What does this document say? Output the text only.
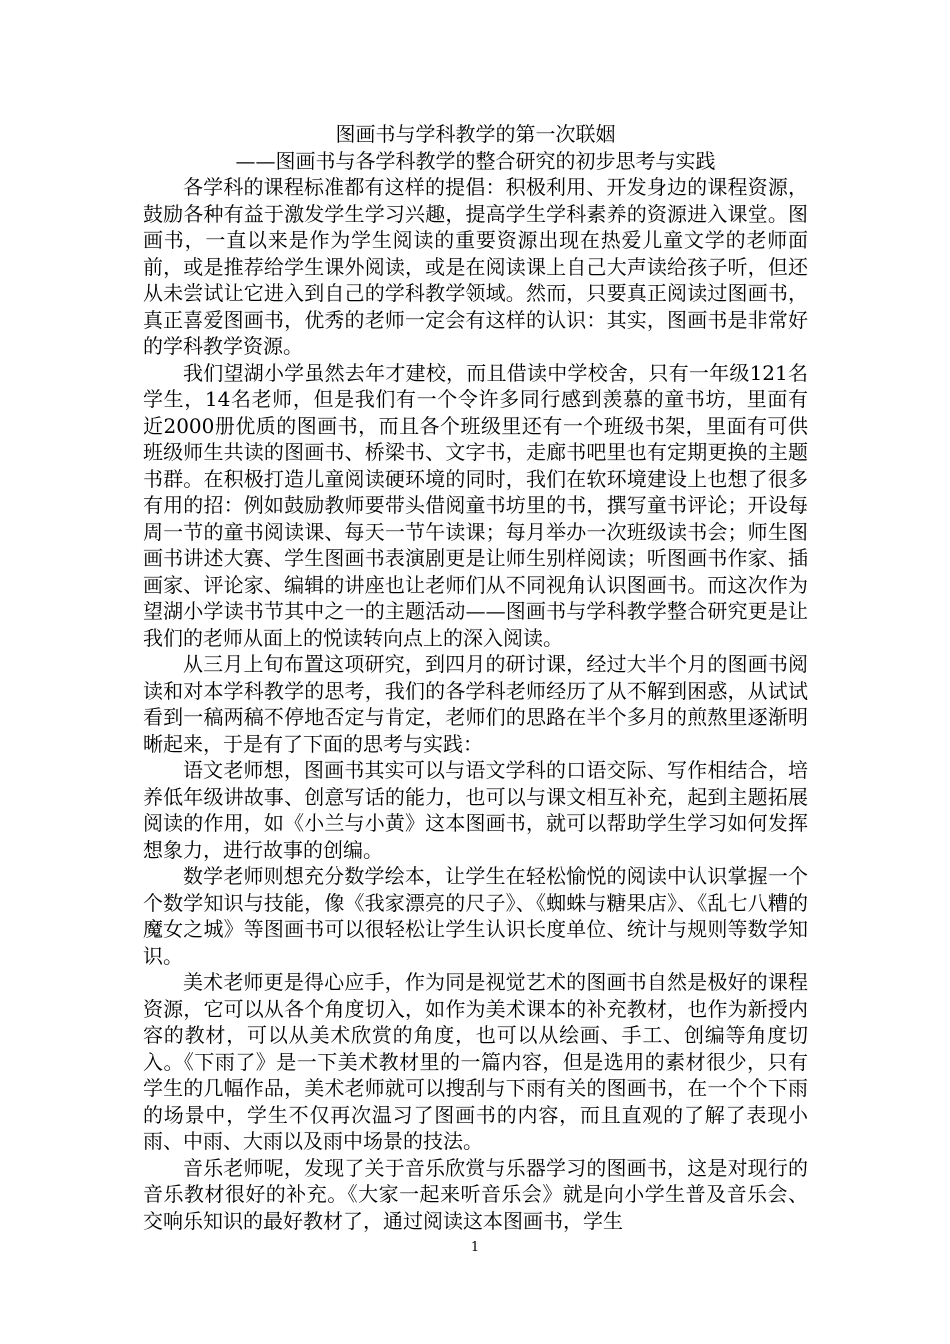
图画书与学科教学的第一次联姻
——图画书与各学科教学的整合研究的初步思考与实践

各学科的课程标准都有这样的提倡：积极利用、开发身边的课程资源，鼓励各种有益于激发学生学习兴趣，提高学生学科素养的资源进入课堂。图画书，一直以来是作为学生阅读的重要资源出现在热爱儿童文学的老师面前，或是推荐给学生课外阅读，或是在阅读课上自己大声读给孩子听，但还从未尝试让它进入到自己的学科教学领域。然而，只要真正阅读过图画书，真正喜爱图画书，优秀的老师一定会有这样的认识：其实，图画书是非常好的学科教学资源。

我们望湖小学虽然去年才建校，而且借读中学校舍，只有一年级121名学生，14名老师，但是我们有一个令许多同行感到羡慕的童书坊，里面有近2000册优质的图画书，而且各个班级里还有一个班级书架，里面有可供班级师生共读的图画书、桥梁书、文字书，走廊书吧里也有定期更换的主题书群。在积极打造儿童阅读硬环境的同时，我们在软环境建设上也想了很多有用的招：例如鼓励教师要带头借阅童书坊里的书，撰写童书评论；开设每周一节的童书阅读课、每天一节午读课；每月举办一次班级读书会；师生图画书讲述大赛、学生图画书表演剧更是让师生别样阅读；听图画书作家、插画家、评论家、编辑的讲座也让老师们从不同视角认识图画书。而这次作为望湖小学读书节其中之一的主题活动——图画书与学科教学整合研究更是让我们的老师从面上的悦读转向点上的深入阅读。

从三月上旬布置这项研究，到四月的研讨课，经过大半个月的图画书阅读和对本学科教学的思考，我们的各学科老师经历了从不解到困惑，从试试看到一稿两稿不停地否定与肯定，老师们的思路在半个多月的煎熬里逐渐明晰起来，于是有了下面的思考与实践：

语文老师想，图画书其实可以与语文学科的口语交际、写作相结合，培养低年级讲故事、创意写话的能力，也可以与课文相互补充，起到主题拓展阅读的作用，如《小兰与小黄》这本图画书，就可以帮助学生学习如何发挥想象力，进行故事的创编。

数学老师则想充分数学绘本，让学生在轻松愉悦的阅读中认识掌握一个个数学知识与技能，像《我家漂亮的尺子》、《蜘蛛与糖果店》、《乱七八糟的魔女之城》等图画书可以很轻松让学生认识长度单位、统计与规则等数学知识。

美术老师更是得心应手，作为同是视觉艺术的图画书自然是极好的课程资源，它可以从各个角度切入，如作为美术课本的补充教材，也作为新授内容的教材，可以从美术欣赏的角度，也可以从绘画、手工、创编等角度切入。《下雨了》是一下美术教材里的一篇内容，但是选用的素材很少，只有学生的几幅作品，美术老师就可以搜刮与下雨有关的图画书，在一个个下雨的场景中，学生不仅再次温习了图画书的内容，而且直观的了解了表现小雨、中雨、大雨以及雨中场景的技法。

音乐老师呢，发现了关于音乐欣赏与乐器学习的图画书，这是对现行的音乐教材很好的补充。《大家一起来听音乐会》就是向小学生普及音乐会、交响乐知识的最好教材了，通过阅读这本图画书，学生

1
